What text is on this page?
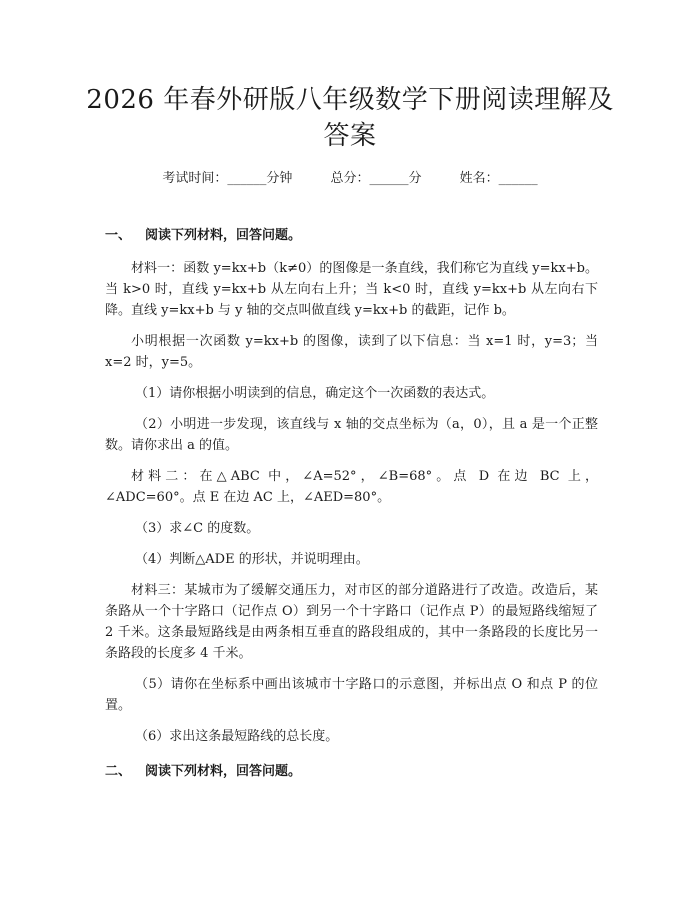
2026 年春外研版八年级数学下册阅读理解及答案
考试时间：______分钟	总分：______分	姓名：______
一、 阅读下列材料，回答问题。

材料一：函数 y=kx+b（k≠0）的图像是一条直线，我们称它为直线 y=kx+b。当 k>0 时，直线 y=kx+b 从左向右上升；当 k<0 时，直线 y=kx+b 从左向右下降。直线 y=kx+b 与 y 轴的交点叫做直线 y=kx+b 的截距，记作 b。

小明根据一次函数 y=kx+b 的图像，读到了以下信息：当 x=1 时，y=3；当 x=2 时，y=5。

（1）请你根据小明读到的信息，确定这个一次函数的表达式。

（2）小明进一步发现，该直线与 x 轴的交点坐标为（a，0），且 a 是一个正整数。请你求出 a 的值。

材料二：在△ABC 中，∠A=52°，∠B=68°。点 D 在边 BC 上，∠ADC=60°。点 E 在边 AC 上，∠AED=80°。

（3）求∠C 的度数。

（4）判断△ADE 的形状，并说明理由。

材料三：某城市为了缓解交通压力，对市区的部分道路进行了改造。改造后，某条路从一个十字路口（记作点 O）到另一个十字路口（记作点 P）的最短路线缩短了 2 千米。这条最短路线是由两条相互垂直的路段组成的，其中一条路段的长度比另一条路段的长度多 4 千米。

（5）请你在坐标系中画出该城市十字路口的示意图，并标出点 O 和点 P 的位置。

（6）求出这条最短路线的总长度。

二、 阅读下列材料，回答问题。
